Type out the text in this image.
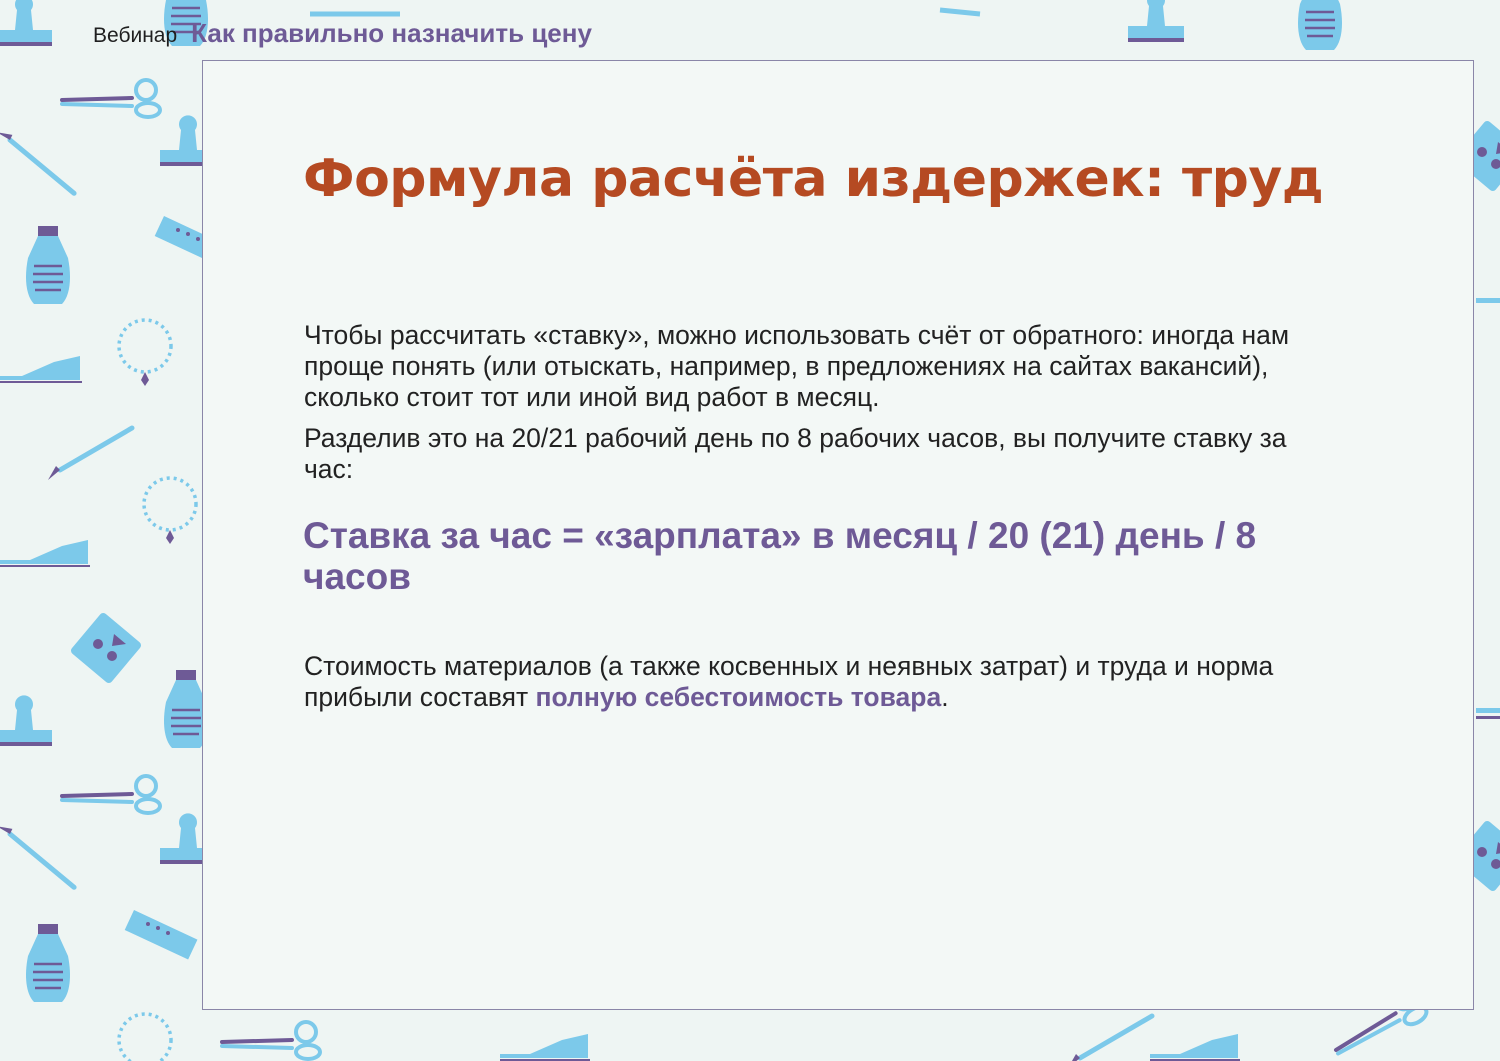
Вебинар Как правильно назначить цену
Формула расчёта издержек: труд

Чтобы рассчитать «ставку», можно использовать счёт от обратного: иногда нам проще понять (или отыскать, например, в предложениях на сайтах вакансий), сколько стоит тот или иной вид работ в месяц.

Разделив это на 20/21 рабочий день по 8 рабочих часов, вы получите ставку за час:

Ставка за час = «зарплата» в месяц / 20 (21) день / 8 часов

Стоимость материалов (а также косвенных и неявных затрат) и труда и норма прибыли составят полную себестоимость товара.
